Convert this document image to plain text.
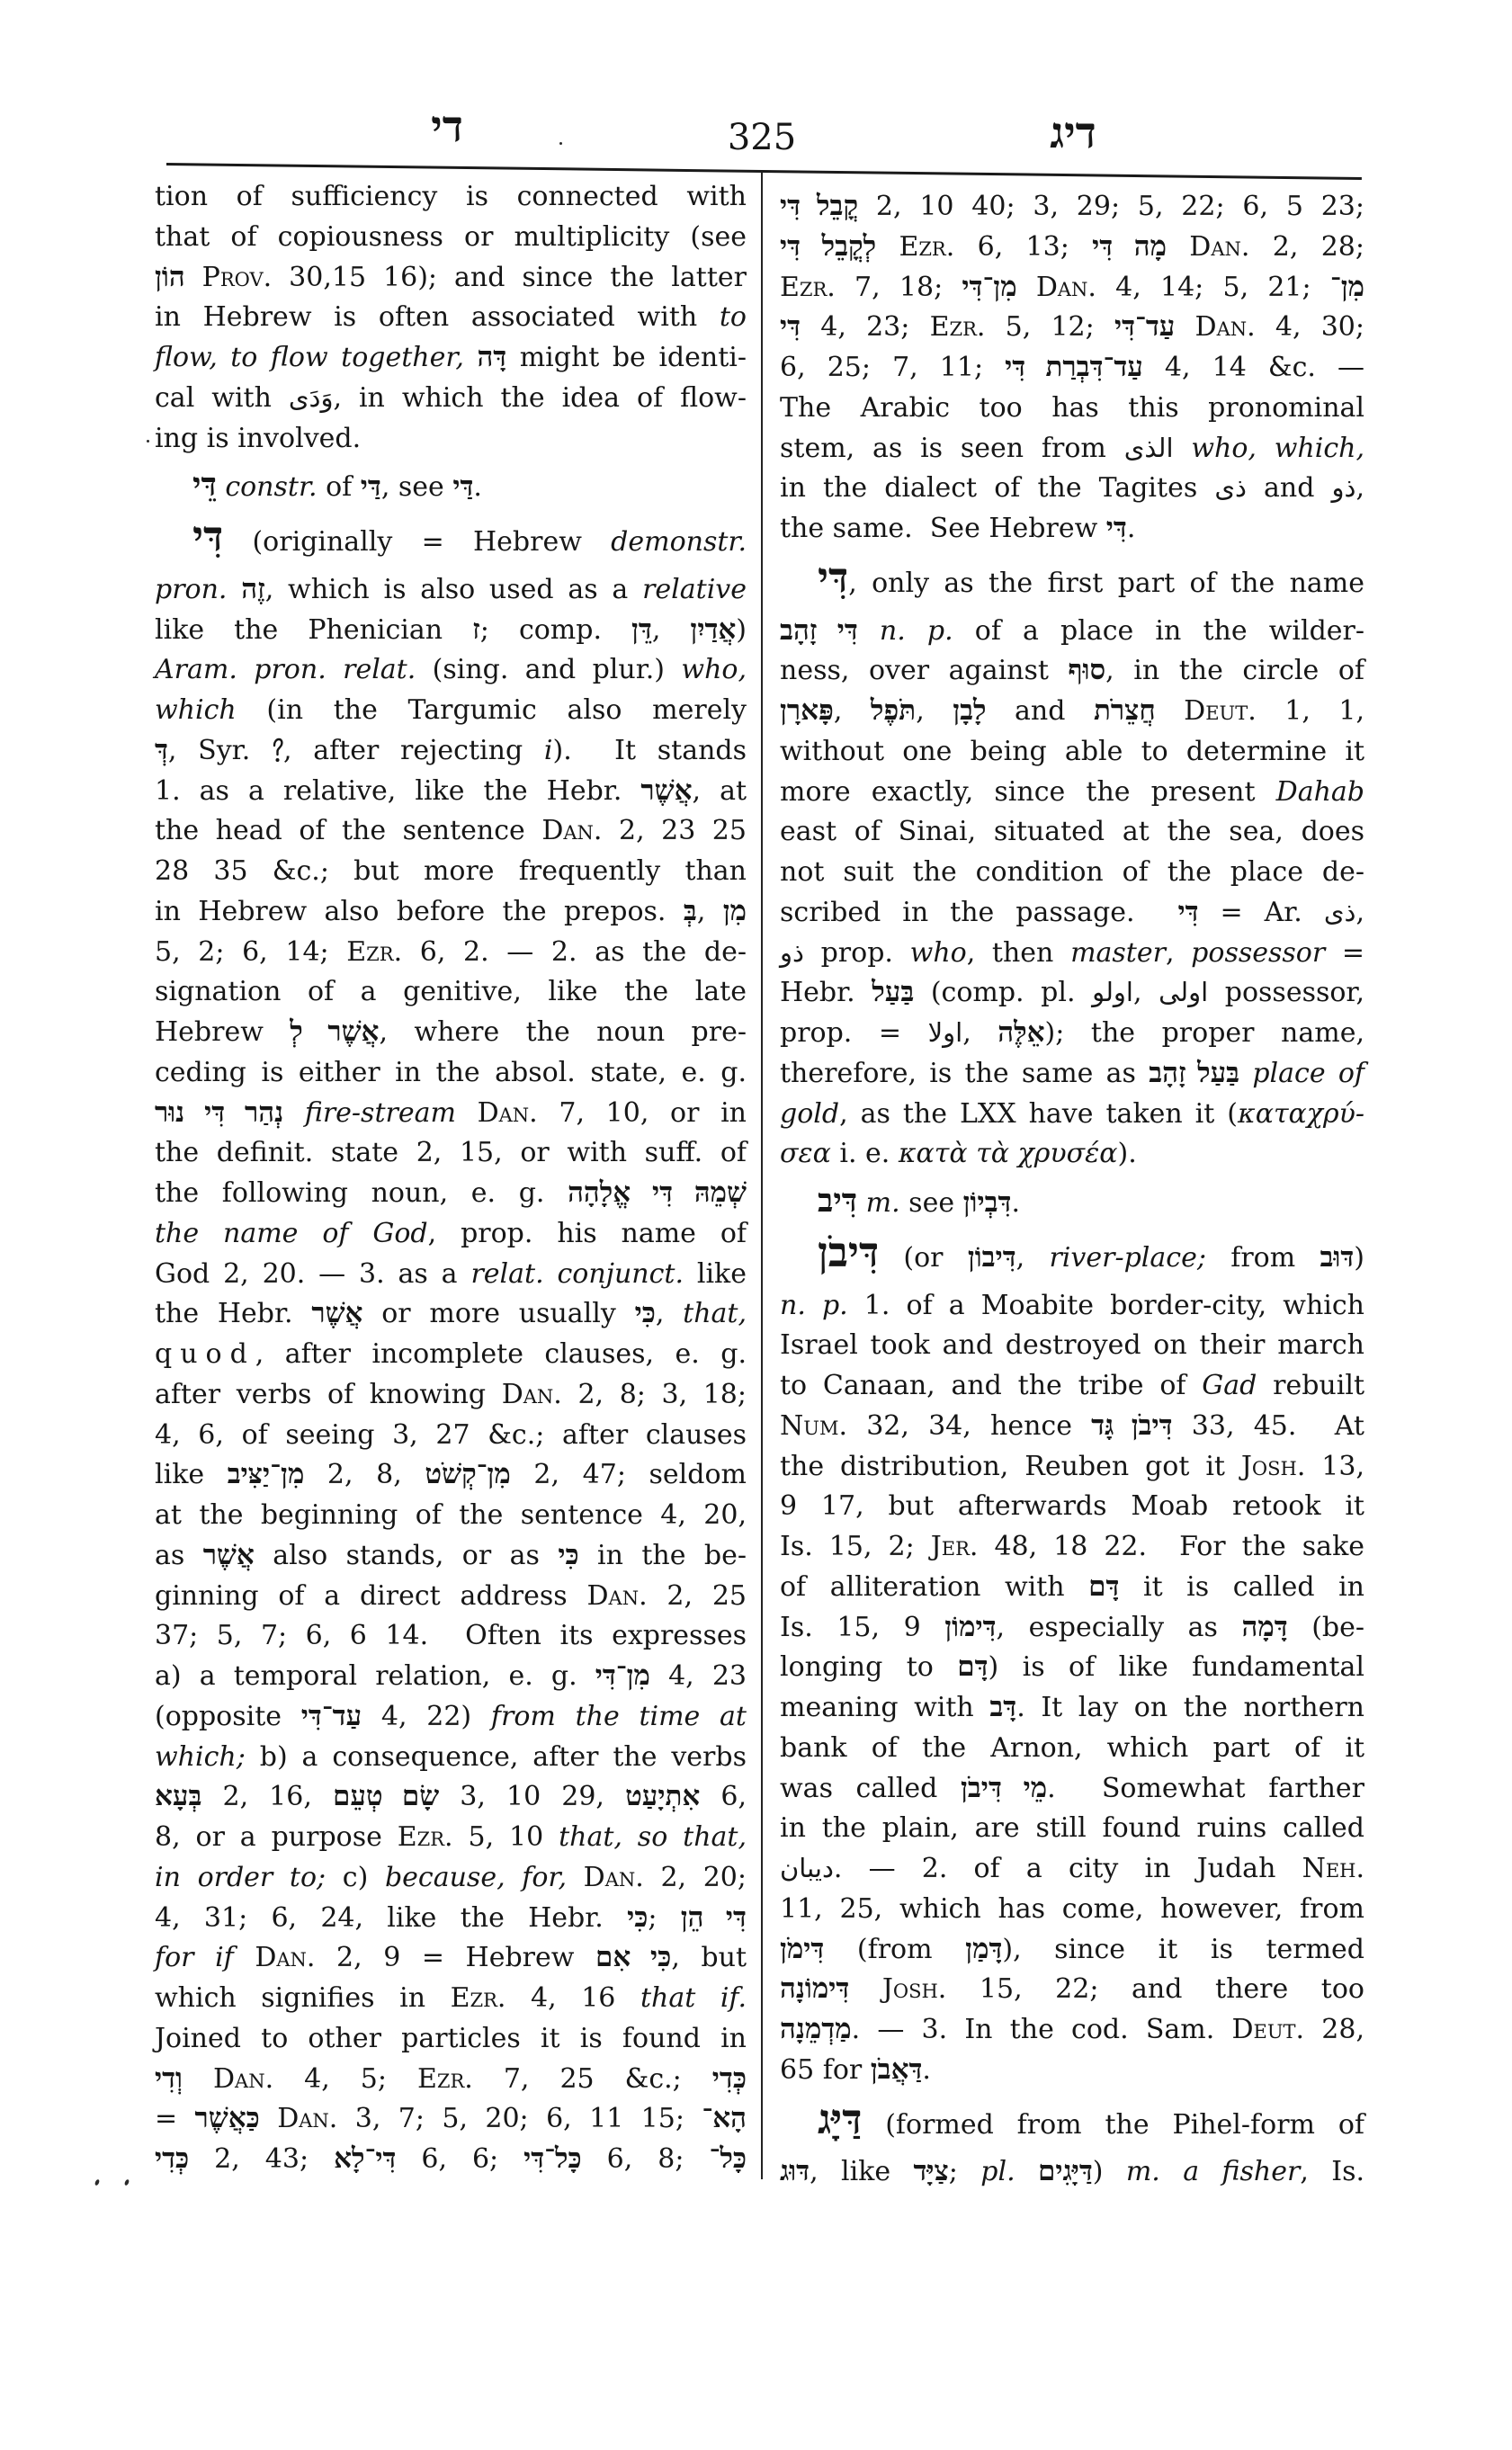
די	325	דיג
tion of sufficiency is connected with
that of copiousness or multiplicity (see
הוֹן Prov. 30,15 16); and since the latter
in Hebrew is often associated with to
flow, to flow together, דָּה might be identi-
cal with وَدَى, in which the idea of flow-
ing is involved.
דֵּי constr. of דַּי, see דַּי.
דִּי (originally = Hebrew demonstr.
pron. זֶה, which is also used as a relative
like the Phenician ז; comp. דֵּן, אֲדַיִן)
Aram. pron. relat. (sing. and plur.) who,
which (in the Targumic also merely
דְּ, Syr. , after rejecting i).  It stands
1. as a relative, like the Hebr. אֲשֶׁר, at
the head of the sentence Dan. 2, 23 25
28 35 &c.; but more frequently than
in Hebrew also before the prepos. בְּ, מִן
5, 2; 6, 14; Ezr. 6, 2. — 2. as the de-
signation of a genitive, like the late
Hebrew אֲשֶׁר לְ, where the noun pre-
ceding is either in the absol. state, e. g.
נְהַר דִּי נוּר fire-stream Dan. 7, 10, or in
the definit. state 2, 15, or with suff. of
the following noun, e. g. שְׁמֵהּ דִּי אֱלָהָה
the name of God, prop. his name of
God 2, 20. — 3. as a relat. conjunct. like
the Hebr. אֲשֶׁר or more usually כִּי, that,
quod, after incomplete clauses, e. g.
after verbs of knowing Dan. 2, 8; 3, 18;
4, 6, of seeing 3, 27 &c.; after clauses
like מִן־יַצִּיב 2, 8, מִן־קְשֹׁט 2, 47; seldom
at the beginning of the sentence 4, 20,
as אֲשֶׁר also stands, or as כִּי in the be-
ginning of a direct address Dan. 2, 25
37; 5, 7; 6, 6 14.  Often its expresses
a) a temporal relation, e. g. מִן־דִּי 4, 23
(opposite עַד־דִּי 4, 22) from the time at
which; b) a consequence, after the verbs
בְּעָא 2, 16, שָׂם טְעֵם 3, 10 29, אִתְיָעַט 6,
8, or a purpose Ezr. 5, 10 that, so that,
in order to; c) because, for, Dan. 2, 20;
4, 31; 6, 24, like the Hebr. כִּי; דִּי הֵן
for if Dan. 2, 9 = Hebrew כִּי אִם, but
which signifies in Ezr. 4, 16 that if.
Joined to other particles it is found in
וְדִי Dan. 4, 5; Ezr. 7, 25 &c.; כְּדִי
= כַּאֲשֶׁר Dan. 3, 7; 5, 20; 6, 11 15; הָא־
כְּדִי 2, 43; דִּי־לָא 6, 6; כָּל־דִּי 6, 8; כָּל־
קֳבֵל דִּי 2, 10 40; 3, 29; 5, 22; 6, 5 23;
לְקֳבֵל דִּי Ezr. 6, 13; מָה דִּי Dan. 2, 28;
Ezr. 7, 18; מִן־דִּי Dan. 4, 14; 5, 21; מִן־
דִּי 4, 23; Ezr. 5, 12; עַד־דִּי Dan. 4, 30;
6, 25; 7, 11; עַד־דִּבְרַת דִּי 4, 14 &c. —
The Arabic too has this pronominal
stem, as is seen from الذى who, which,
in the dialect of the Tagites ذى and ذو,
the same.  See Hebrew דִּי.
דִּי, only as the first part of the name
דִּי זָהָב n. p. of a place in the wilder-
ness, over against סוּף, in the circle of
פָּארָן, תֹּפֶל, לָבָן and חֲצֵרֹת Deut. 1, 1,
without one being able to determine it
more exactly, since the present Dahab
east of Sinai, situated at the sea, does
not suit the condition of the place de-
scribed in the passage.  דִּי = Ar. ذى,
ذو prop. who, then master, possessor =
Hebr. בַּעַל (comp. pl. اولو, اولى possessor,
prop. = اولا, אֵלֶּה); the proper name,
therefore, is the same as בַּעַל זָהָב place of
gold, as the LXX have taken it (καταχρύ-
σεα i. e. κατὰ τὰ χρυσέα).
דִּיב m. see דִּבְיוֹן.
דִּיבֹן (or דִּיבוֹן, river-place; from דּוּב)
n. p. 1. of a Moabite border-city, which
Israel took and destroyed on their march
to Canaan, and the tribe of Gad rebuilt
Num. 32, 34, hence דִּיבֹן גָּד 33, 45.  At
the distribution, Reuben got it Josh. 13,
9 17, but afterwards Moab retook it
Is. 15, 2; Jer. 48, 18 22.  For the sake
of alliteration with דָּם it is called in
Is. 15, 9 דִּימוֹן, especially as דָּמָה (be-
longing to דָּם) is of like fundamental
meaning with דָּב. It lay on the northern
bank of the Arnon, which part of it
was called מֵי דִּיבֹן.  Somewhat farther
in the plain, are still found ruins called
ديبان. — 2. of a city in Judah Neh.
11, 25, which has come, however, from
דִּימֹן (from דָּמַן), since it is termed
דִּימוֹנָה Josh. 15, 22; and there too
מַדְמֵנָה. — 3. In the cod. Sam. Deut. 28,
65 for דַּאֲבֹן.
דַּיָּג (formed from the Pihel-form of
דּוּג, like צַיָּד; pl. דַּיָּגִים) m. a fisher, Is.
